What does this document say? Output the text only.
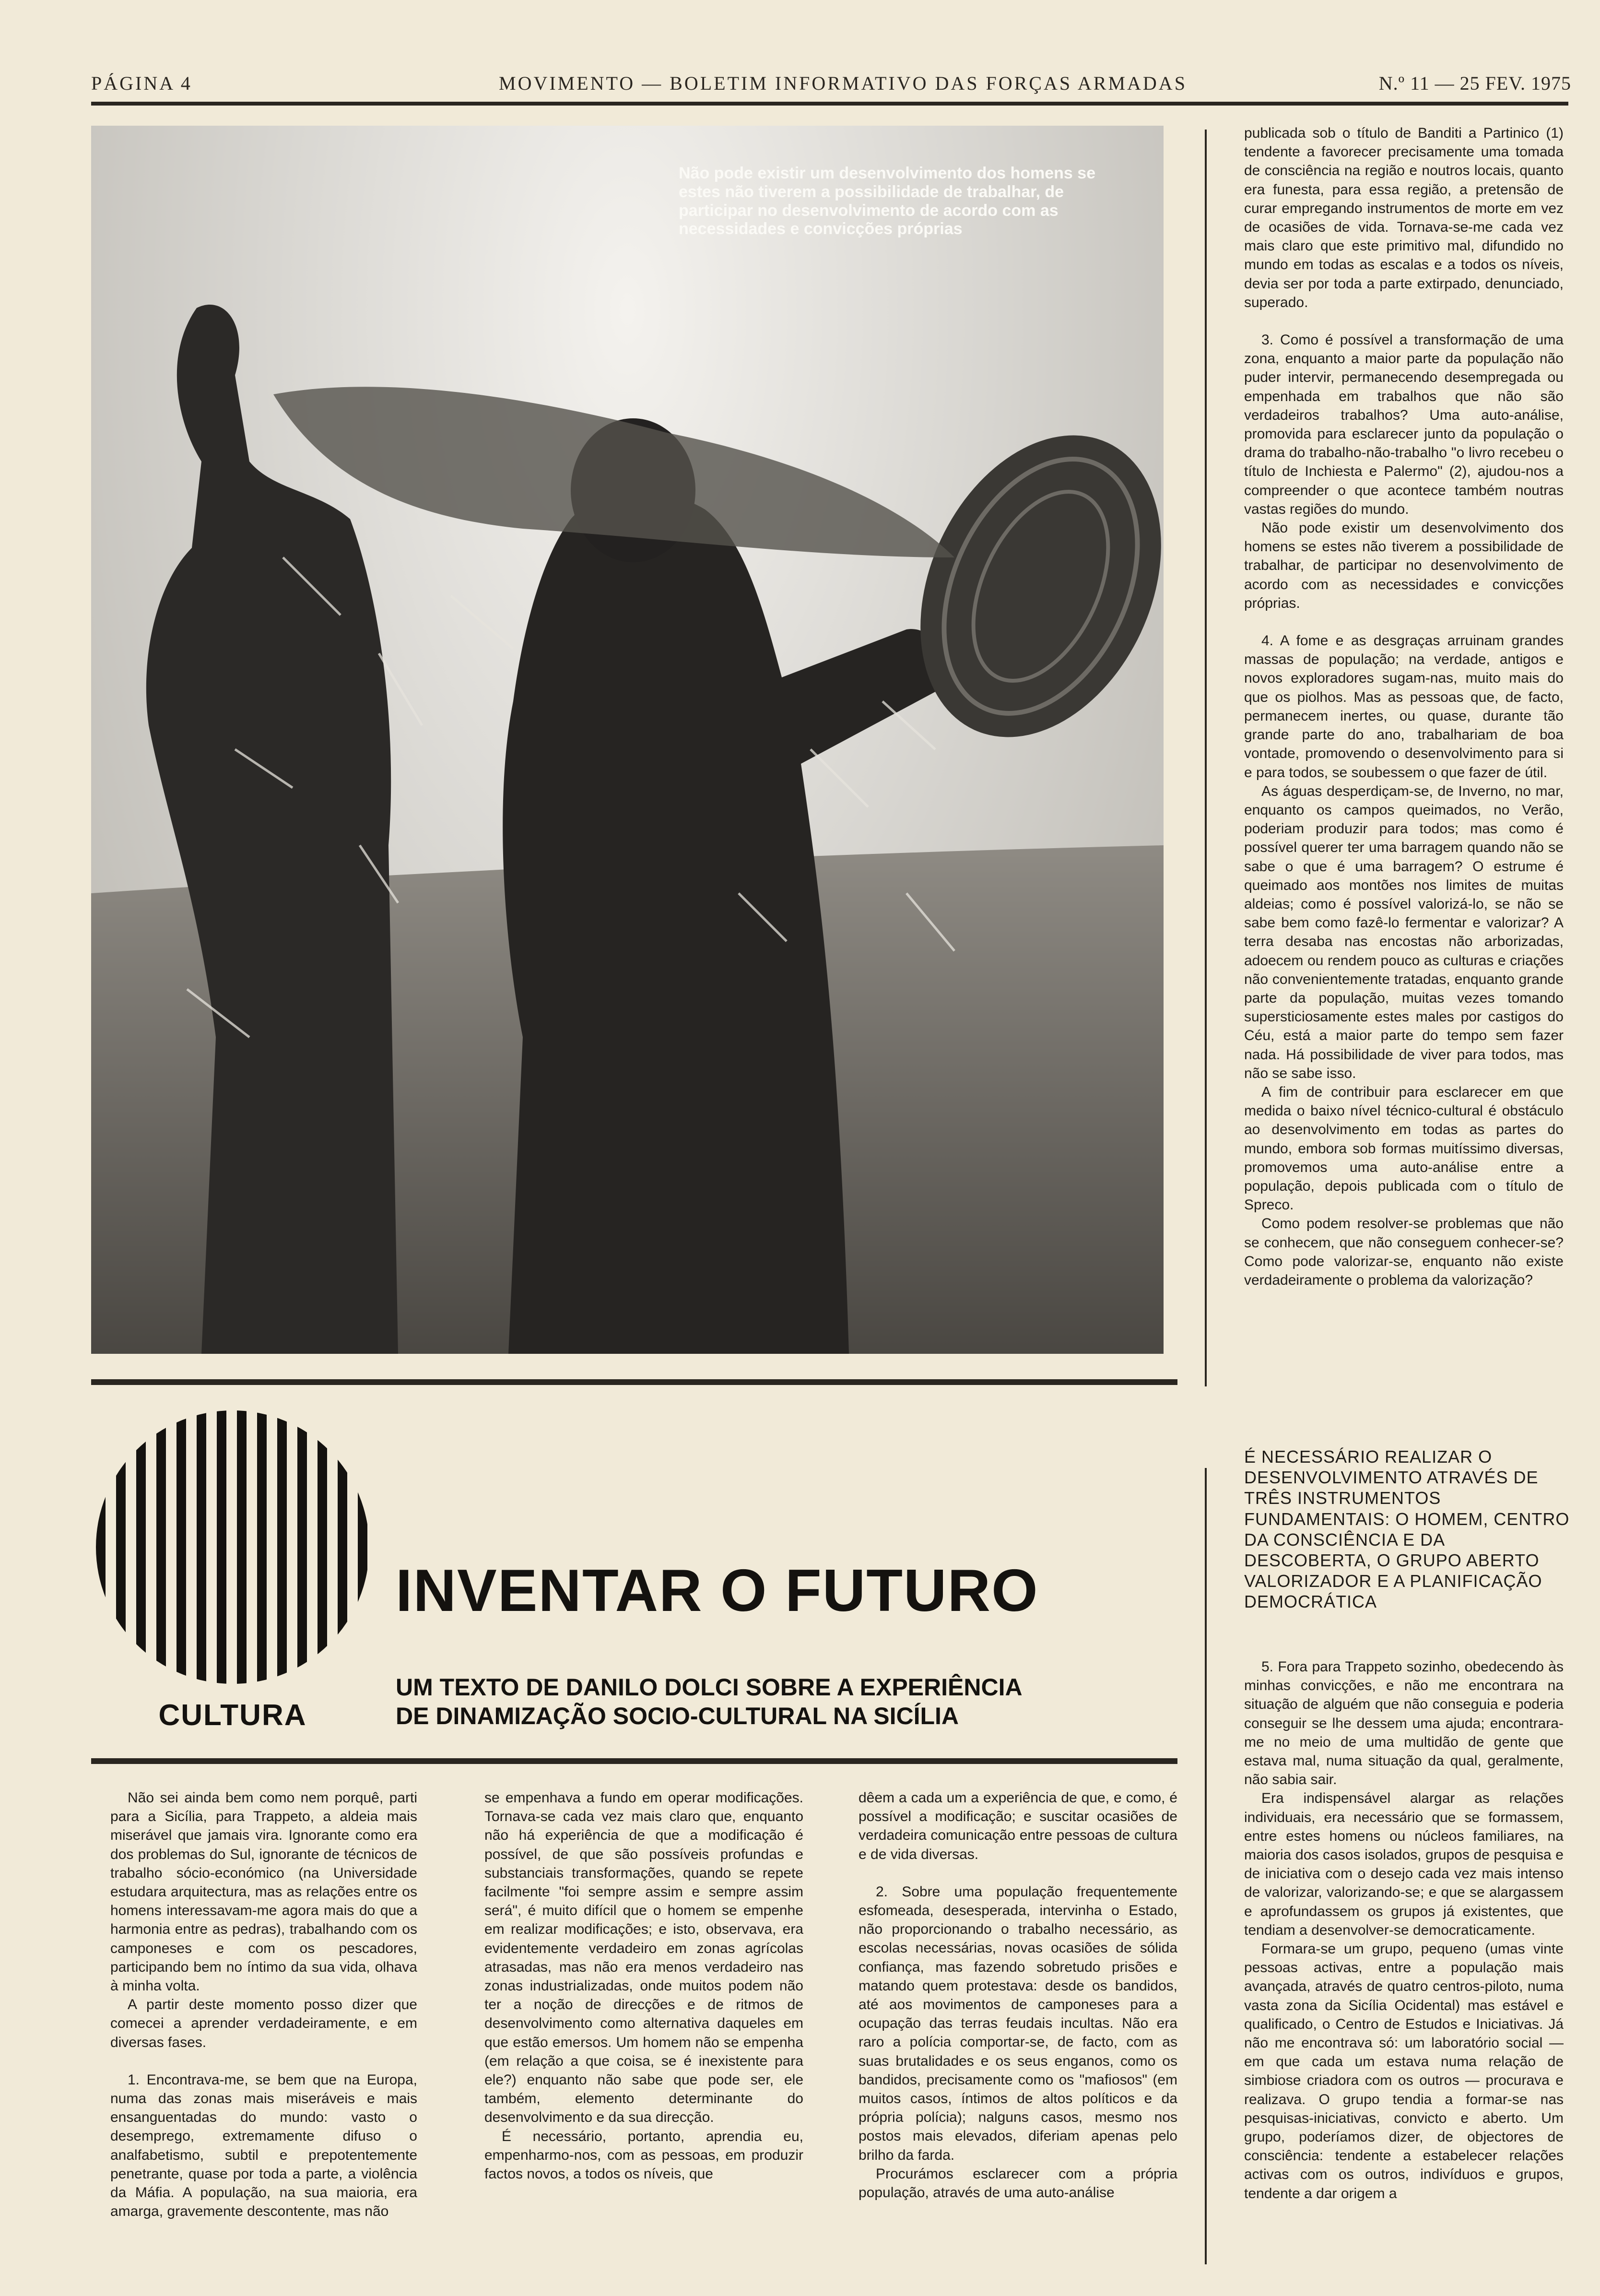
PÁGINA 4	MOVIMENTO — BOLETIM INFORMATIVO DAS FORÇAS ARMADAS	N.º 11 — 25 FEV. 1975
Não pode existir um desenvolvimento dos homens se estes não tiverem a possibilidade de trabalhar, de participar no desenvolvimento de acordo com as necessidades e convicções próprias

publicada sob o título de Banditi a Partinico (1) tendente a favorecer precisamente uma tomada de consciência na região e noutros locais, quanto era funesta, para essa região, a pretensão de curar empregando instrumentos de morte em vez de ocasiões de vida. Tornava-se-me cada vez mais claro que este primitivo mal, difundido no mundo em todas as escalas e a todos os níveis, devia ser por toda a parte extirpado, denunciado, superado.

3. Como é possível a transformação de uma zona, enquanto a maior parte da população não puder intervir, permanecendo desempregada ou empenhada em trabalhos que não são verdadeiros trabalhos? Uma auto-análise, promovida para esclarecer junto da população o drama do trabalho-não-trabalho "o livro recebeu o título de Inchiesta e Palermo" (2), ajudou-nos a compreender o que acontece também noutras vastas regiões do mundo.

Não pode existir um desenvolvimento dos homens se estes não tiverem a possibilidade de trabalhar, de participar no desenvolvimento de acordo com as necessidades e convicções próprias.

4. A fome e as desgraças arruinam grandes massas de população; na verdade, antigos e novos exploradores sugam-nas, muito mais do que os piolhos. Mas as pessoas que, de facto, permanecem inertes, ou quase, durante tão grande parte do ano, trabalhariam de boa vontade, promovendo o desenvolvimento para si e para todos, se soubessem o que fazer de útil.

As águas desperdiçam-se, de Inverno, no mar, enquanto os campos queimados, no Verão, poderiam produzir para todos; mas como é possível querer ter uma barragem quando não se sabe o que é uma barragem? O estrume é queimado aos montões nos limites de muitas aldeias; como é possível valorizá-lo, se não se sabe bem como fazê-lo fermentar e valorizar? A terra desaba nas encostas não arborizadas, adoecem ou rendem pouco as culturas e criações não convenientemente tratadas, enquanto grande parte da população, muitas vezes tomando supersticiosamente estes males por castigos do Céu, está a maior parte do tempo sem fazer nada. Há possibilidade de viver para todos, mas não se sabe isso.

A fim de contribuir para esclarecer em que medida o baixo nível técnico-cultural é obstáculo ao desenvolvimento em todas as partes do mundo, embora sob formas muitíssimo diversas, promovemos uma auto-análise entre a população, depois publicada com o título de Spreco.

Como podem resolver-se problemas que não se conhecem, que não conseguem conhecer-se? Como pode valorizar-se, enquanto não existe verdadeiramente o problema da valorização?

É NECESSÁRIO REALIZAR O DESENVOLVIMENTO ATRAVÉS DE TRÊS INSTRUMENTOS FUNDAMENTAIS: O HOMEM, CENTRO DA CONSCIÊNCIA E DA DESCOBERTA, O GRUPO ABERTO VALORIZADOR E A PLANIFICAÇÃO DEMOCRÁTICA

5. Fora para Trappeto sozinho, obedecendo às minhas convicções, e não me encontrara na situação de alguém que não conseguia e poderia conseguir se lhe dessem uma ajuda; encontrara-me no meio de uma multidão de gente que estava mal, numa situação da qual, geralmente, não sabia sair.

Era indispensável alargar as relações individuais, era necessário que se formassem, entre estes homens ou núcleos familiares, na maioria dos casos isolados, grupos de pesquisa e de iniciativa com o desejo cada vez mais intenso de valorizar, valorizando-se; e que se alargassem e aprofundassem os grupos já existentes, que tendiam a desenvolver-se democraticamente.

Formara-se um grupo, pequeno (umas vinte pessoas activas, entre a população mais avançada, através de quatro centros-piloto, numa vasta zona da Sicília Ocidental) mas estável e qualificado, o Centro de Estudos e Iniciativas. Já não me encontrava só: um laboratório social — em que cada um estava numa relação de simbiose criadora com os outros — procurava e realizava. O grupo tendia a formar-se nas pesquisas-iniciativas, convicto e aberto. Um grupo, poderíamos dizer, de objectores de consciência: tendente a estabelecer relações activas com os outros, indivíduos e grupos, tendente a dar origem a

CULTURA
INVENTAR O FUTURO
UM TEXTO DE DANILO DOLCI SOBRE A EXPERIÊNCIA
DE DINAMIZAÇÃO SOCIO-CULTURAL NA SICÍLIA

Não sei ainda bem como nem porquê, parti para a Sicília, para Trappeto, a aldeia mais miserável que jamais vira. Ignorante como era dos problemas do Sul, ignorante de técnicos de trabalho sócio-económico (na Universidade estudara arquitectura, mas as relações entre os homens interessavam-me agora mais do que a harmonia entre as pedras), trabalhando com os camponeses e com os pescadores, participando bem no íntimo da sua vida, olhava à minha volta.

A partir deste momento posso dizer que comecei a aprender verdadeiramente, e em diversas fases.

1. Encontrava-me, se bem que na Europa, numa das zonas mais miseráveis e mais ensanguentadas do mundo: vasto o desemprego, extremamente difuso o analfabetismo, subtil e prepotentemente penetrante, quase por toda a parte, a violência da Máfia. A população, na sua maioria, era amarga, gravemente descontente, mas não

se empenhava a fundo em operar modificações. Tornava-se cada vez mais claro que, enquanto não há experiência de que a modificação é possível, de que são possíveis profundas e substanciais transformações, quando se repete facilmente "foi sempre assim e sempre assim será", é muito difícil que o homem se empenhe em realizar modificações; e isto, observava, era evidentemente verdadeiro em zonas agrícolas atrasadas, mas não era menos verdadeiro nas zonas industrializadas, onde muitos podem não ter a noção de direcções e de ritmos de desenvolvimento como alternativa daqueles em que estão emersos. Um homem não se empenha (em relação a que coisa, se é inexistente para ele?) enquanto não sabe que pode ser, ele também, elemento determinante do desenvolvimento e da sua direcção.

É necessário, portanto, aprendia eu, empenharmo-nos, com as pessoas, em produzir factos novos, a todos os níveis, que

dêem a cada um a experiência de que, e como, é possível a modificação; e suscitar ocasiões de verdadeira comunicação entre pessoas de cultura e de vida diversas.

2. Sobre uma população frequentemente esfomeada, desesperada, intervinha o Estado, não proporcionando o trabalho necessário, as escolas necessárias, novas ocasiões de sólida confiança, mas fazendo sobretudo prisões e matando quem protestava: desde os bandidos, até aos movimentos de camponeses para a ocupação das terras feudais incultas. Não era raro a polícia comportar-se, de facto, com as suas brutalidades e os seus enganos, como os bandidos, precisamente como os "mafiosos" (em muitos casos, íntimos de altos políticos e da própria polícia); nalguns casos, mesmo nos postos mais elevados, diferiam apenas pelo brilho da farda.

Procurámos esclarecer com a própria população, através de uma auto-análise
